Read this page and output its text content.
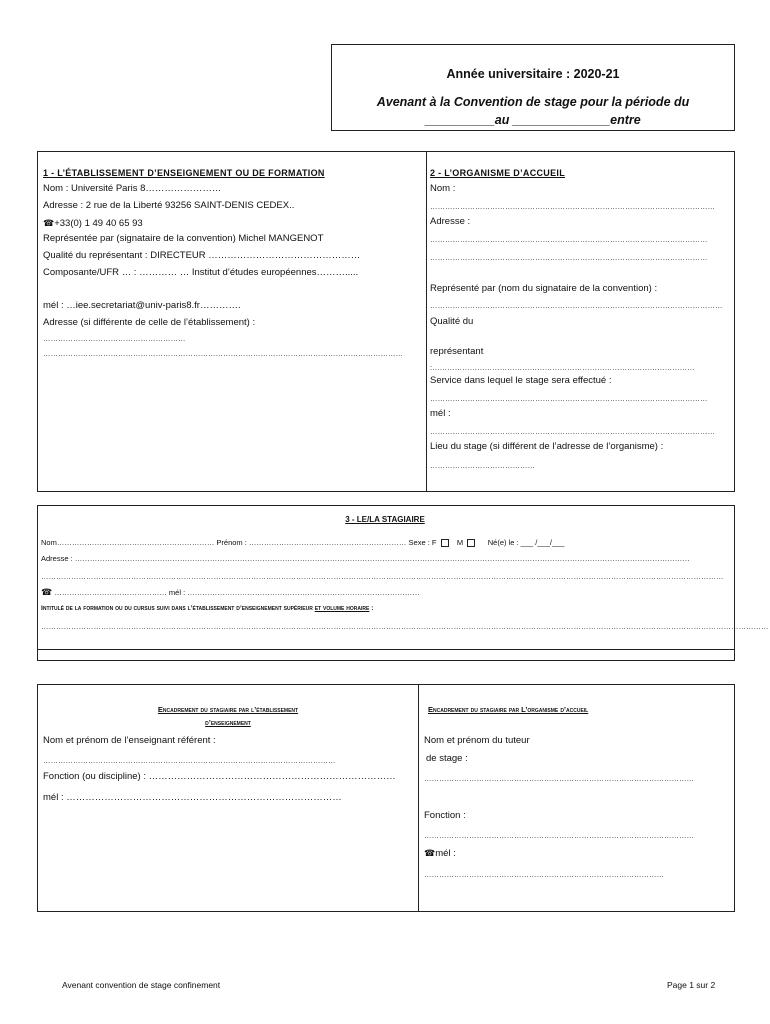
Année universitaire : 2020-21
Avenant à la Convention de stage pour la période du
__________au ______________entre
1 - L’ÉTABLISSEMENT D’ENSEIGNEMENT OU DE FORMATION
Nom : Université Paris 8……………………
Adresse : 2 rue de la Liberté 93256 SAINT-DENIS CEDEX..
☎+33(0) 1 49 40 65 93
Représentée par (signataire de la convention) Michel MANGENOT
Qualité du représentant : DIRECTEUR …………………………………………
Composante/UFR … : ………… … Institut d’études européennes……….....
mél : …iee.secretariat@univ-paris8.fr………….
Adresse (si différente de celle de l’établissement) :
…………………………………………………
………………………………………………………………………………………………………………………………
2 - L’ORGANISME D’ACCUEIL
Nom :
……………………………………………………………………………………………………
Adresse :
…………………………………………………………………………………………………
…………………………………………………………………………………………………
Représenté par (nom du signataire de la convention) :
………………………………………………………………………………………………………
Qualité du
représentant
:……………………………………………………………………………………………
Service dans lequel le stage sera effectué :
…………………………………………………………………………………………………
mél :
……………………………………………………………………………………………………
Lieu du stage (si différent de l’adresse de l’organisme) :
……………………………………
3 - LE/LA STAGIAIRE
Nom……………………………………………………… Prénom : ……………………………………………………… Sexe : F	M	Né(e) le : ___ /___/___
Adresse : …………………………………………………………………………………………………………………………………………………………………………………………………………………………
…………………………………………………………………………………………………………………………………………………………………………………………………………………………………………………
☎ ……………………………………… mél : …………………………………………………………………………………
Intitulé de la formation ou du cursus suivi dans l’établissement d’enseignement supérieur et volume horaire :
…………………………………………………………………………………………………………………………………………………………………………………………………………………………………………………………………
Encadrement du stagiaire par l’établissement
d’enseignement
Nom et prénom de l’enseignant référent :
………………………………………………………………………………………………………
Fonction (ou discipline) : ……………………………………………………………………
mél : ……………………………………………………………………………
Encadrement du stagiaire par L’organisme d’accueil
Nom et prénom du tuteur
de stage :
………………………………………………………………………………………………
Fonction :
………………………………………………………………………………………………
☎mél :
……………………………………………………………………………………
Avenant convention de stage confinement	Page 1 sur 2
